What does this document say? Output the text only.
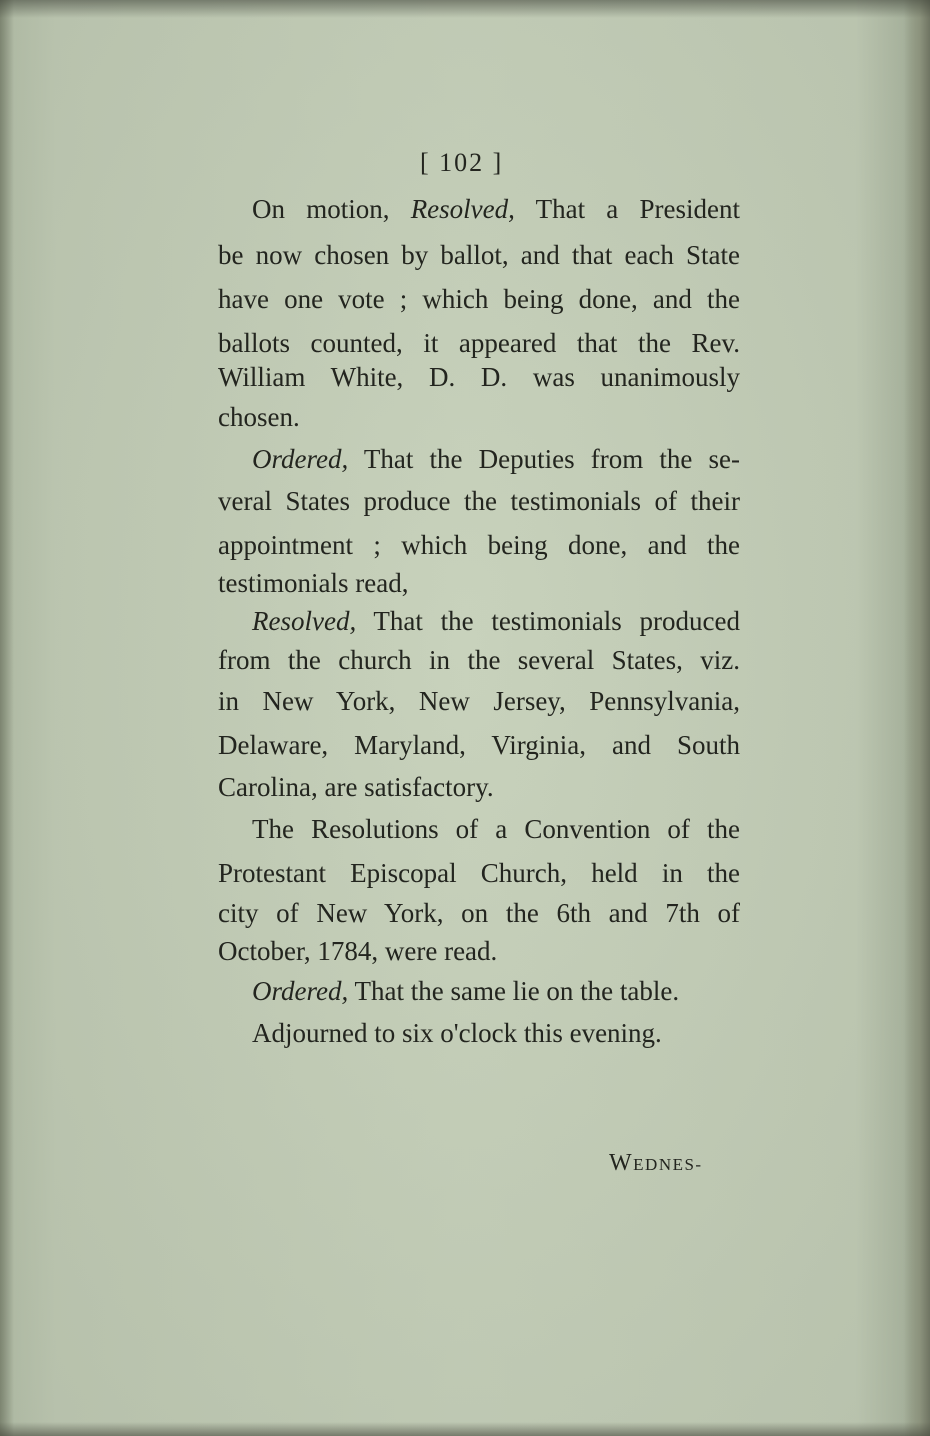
[ 102 ]
On motion, Resolved, That a President
be now chosen by ballot, and that each State
have one vote ; which being done, and the
ballots counted, it appeared that the Rev.
William White, D. D. was unanimously
chosen.
Ordered, That the Deputies from the se-
veral States produce the testimonials of their
appointment ; which being done, and the
testimonials read,
Resolved, That the testimonials produced
from the church in the several States, viz.
in New York, New Jersey, Pennsylvania,
Delaware, Maryland, Virginia, and South
Carolina, are satisfactory.
The Resolutions of a Convention of the
Protestant Episcopal Church, held in the
city of New York, on the 6th and 7th of
October, 1784, were read.
Ordered, That the same lie on the table.
Adjourned to six o'clock this evening.
WEDNES-
